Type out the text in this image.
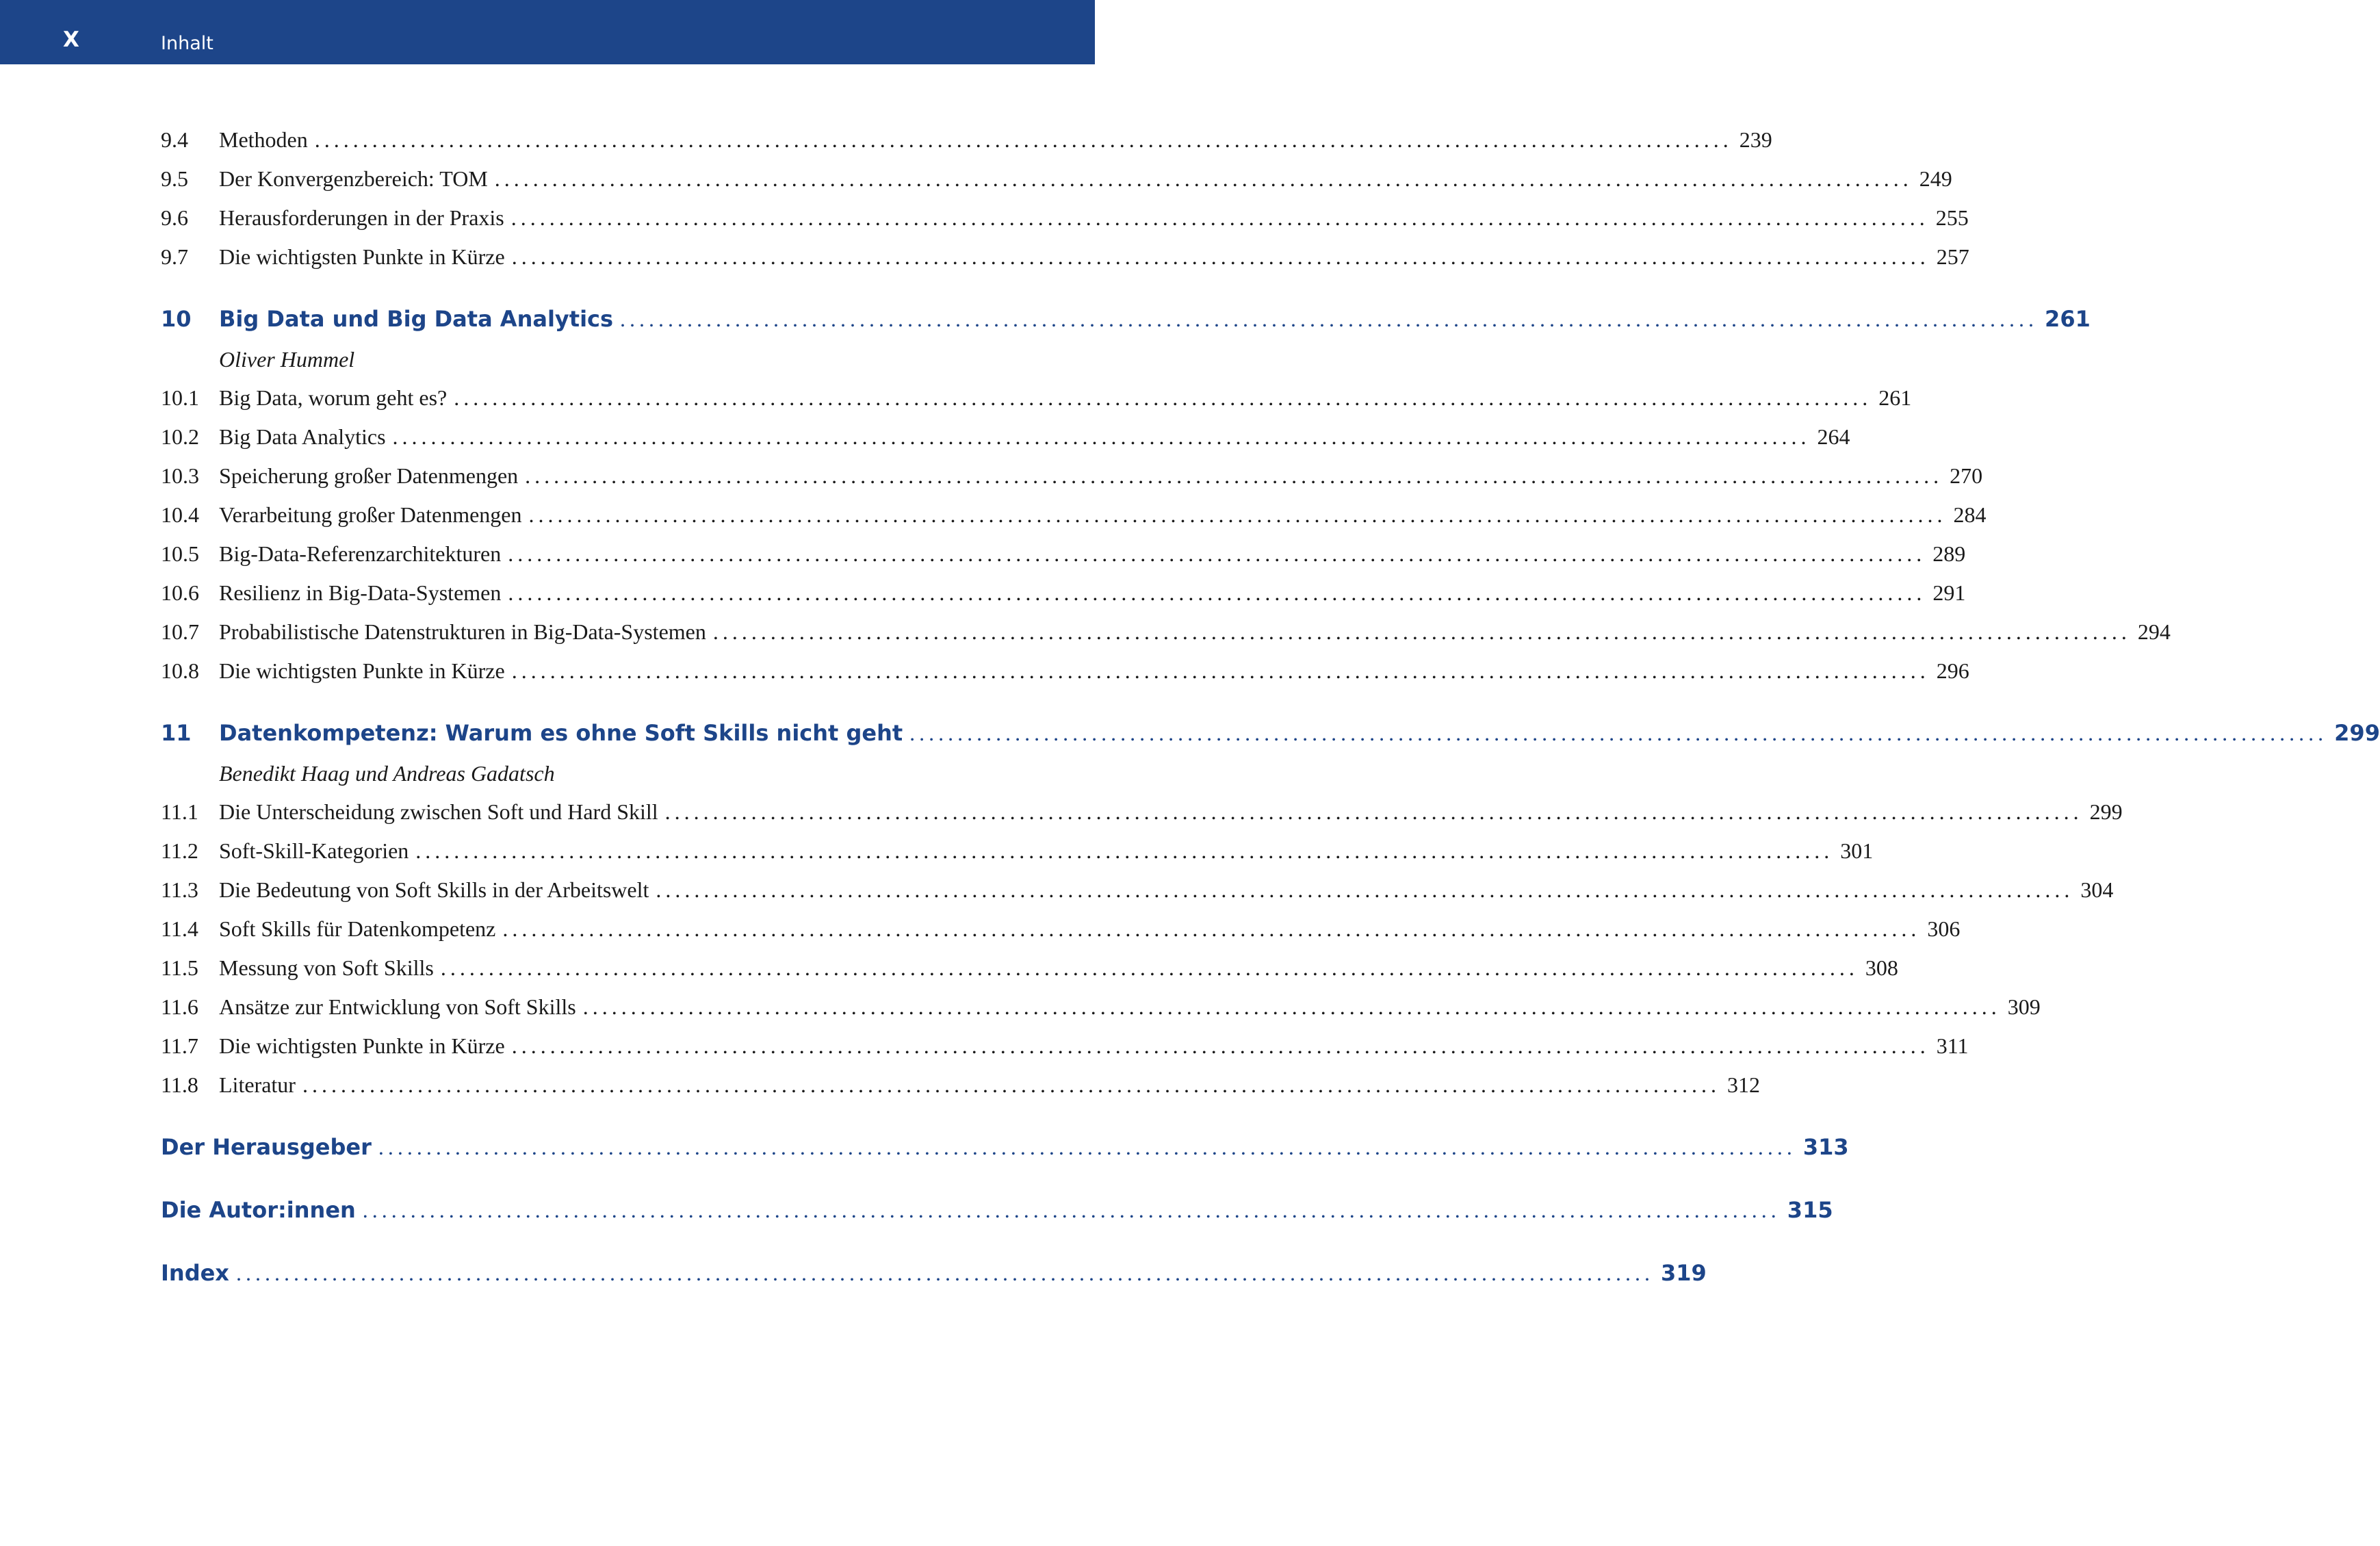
X	Inhalt
9.4	Methoden .................................................................................................................................................... 239
9.5	Der Konvergenzbereich: TOM .................................................................................................................................................... 249
9.6	Herausforderungen in der Praxis .................................................................................................................................................... 255
9.7	Die wichtigsten Punkte in Kürze .................................................................................................................................................... 257
10	Big Data und Big Data Analytics .................................................................................................................................................... 261
Oliver Hummel
10.1 Big Data, worum geht es? .................................................................................................................................................... 261
10.2 Big Data Analytics .................................................................................................................................................... 264
10.3 Speicherung großer Datenmengen .................................................................................................................................................... 270
10.4 Verarbeitung großer Datenmengen .................................................................................................................................................... 284
10.5 Big-Data-Referenzarchitekturen .................................................................................................................................................... 289
10.6 Resilienz in Big-Data-Systemen .................................................................................................................................................... 291
10.7 Probabilistische Datenstrukturen in Big-Data-Systemen .................................................................................................................................................... 294
10.8 Die wichtigsten Punkte in Kürze .................................................................................................................................................... 296
11	Datenkompetenz: Warum es ohne Soft Skills nicht geht .................................................................................................................................................... 299
Benedikt Haag und Andreas Gadatsch
11.1 Die Unterscheidung zwischen Soft und Hard Skill .................................................................................................................................................... 299
11.2 Soft-Skill-Kategorien .................................................................................................................................................... 301
11.3 Die Bedeutung von Soft Skills in der Arbeitswelt .................................................................................................................................................... 304
11.4 Soft Skills für Datenkompetenz .................................................................................................................................................... 306
11.5 Messung von Soft Skills .................................................................................................................................................... 308
11.6 Ansätze zur Entwicklung von Soft Skills .................................................................................................................................................... 309
11.7 Die wichtigsten Punkte in Kürze .................................................................................................................................................... 311
11.8 Literatur .................................................................................................................................................... 312
Der Herausgeber .................................................................................................................................................... 313
Die Autor:innen .................................................................................................................................................... 315
Index .................................................................................................................................................... 319
